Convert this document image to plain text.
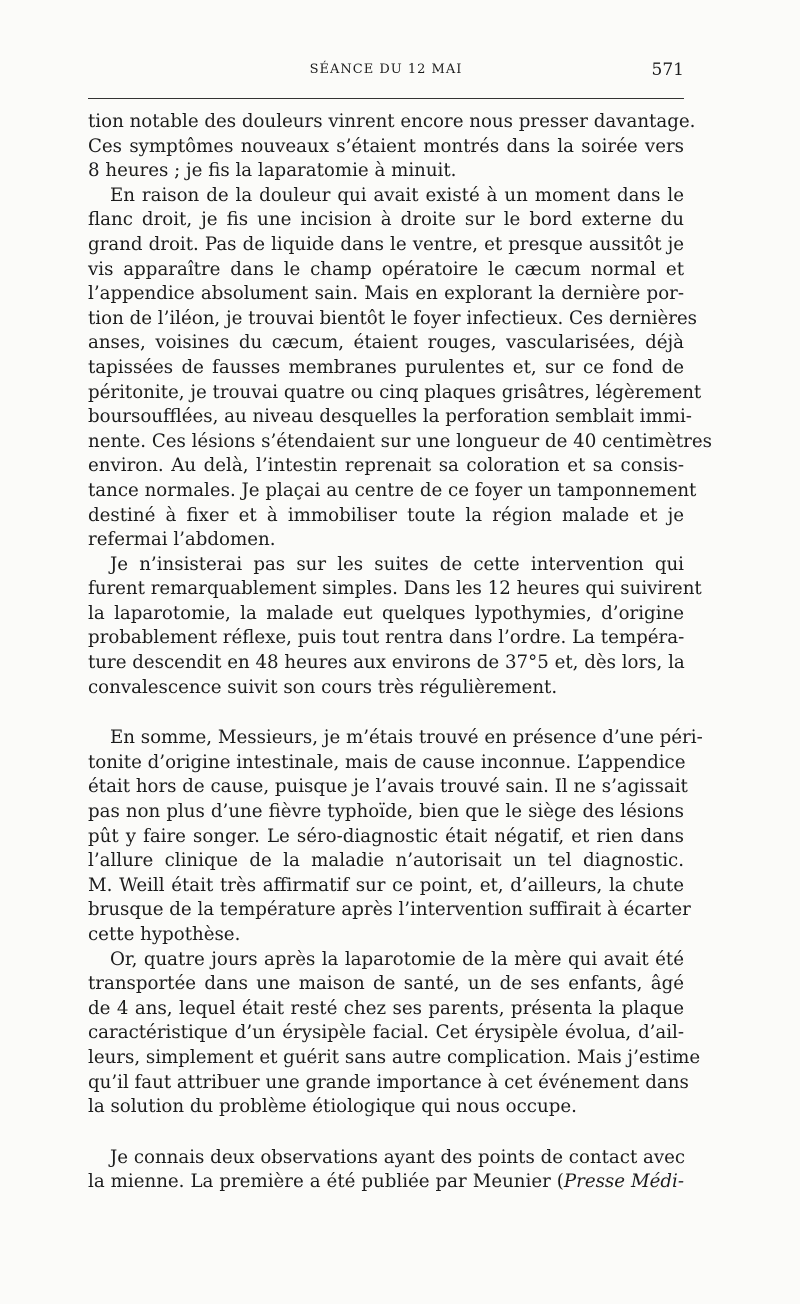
SÉANCE DU 12 MAI	571
tion notable des douleurs vinrent encore nous presser davantage.
Ces symptômes nouveaux s’étaient montrés dans la soirée vers
8 heures ; je fis la laparatomie à minuit.
En raison de la douleur qui avait existé à un moment dans le
flanc droit, je fis une incision à droite sur le bord externe du
grand droit. Pas de liquide dans le ventre, et presque aussitôt je
vis apparaître dans le champ opératoire le cæcum normal et
l’appendice absolument sain. Mais en explorant la dernière por-
tion de l’iléon, je trouvai bientôt le foyer infectieux. Ces dernières
anses, voisines du cæcum, étaient rouges, vascularisées, déjà
tapissées de fausses membranes purulentes et, sur ce fond de
péritonite, je trouvai quatre ou cinq plaques grisâtres, légèrement
boursoufflées, au niveau desquelles la perforation semblait immi-
nente. Ces lésions s’étendaient sur une longueur de 40 centimètres
environ. Au delà, l’intestin reprenait sa coloration et sa consis-
tance normales. Je plaçai au centre de ce foyer un tamponnement
destiné à fixer et à immobiliser toute la région malade et je
refermai l’abdomen.
Je n’insisterai pas sur les suites de cette intervention qui
furent remarquablement simples. Dans les 12 heures qui suivirent
la laparotomie, la malade eut quelques lypothymies, d’origine
probablement réflexe, puis tout rentra dans l’ordre. La tempéra-
ture descendit en 48 heures aux environs de 37°5 et, dès lors, la
convalescence suivit son cours très régulièrement.
En somme, Messieurs, je m’étais trouvé en présence d’une péri-
tonite d’origine intestinale, mais de cause inconnue. L’appendice
était hors de cause, puisque je l’avais trouvé sain. Il ne s’agissait
pas non plus d’une fièvre typhoïde, bien que le siège des lésions
pût y faire songer. Le séro-diagnostic était négatif, et rien dans
l’allure clinique de la maladie n’autorisait un tel diagnostic.
M. Weill était très affirmatif sur ce point, et, d’ailleurs, la chute
brusque de la température après l’intervention suffirait à écarter
cette hypothèse.
Or, quatre jours après la laparotomie de la mère qui avait été
transportée dans une maison de santé, un de ses enfants, âgé
de 4 ans, lequel était resté chez ses parents, présenta la plaque
caractéristique d’un érysipèle facial. Cet érysipèle évolua, d’ail-
leurs, simplement et guérit sans autre complication. Mais j’estime
qu’il faut attribuer une grande importance à cet événement dans
la solution du problème étiologique qui nous occupe.
Je connais deux observations ayant des points de contact avec
la mienne. La première a été publiée par Meunier (Presse Médi-
